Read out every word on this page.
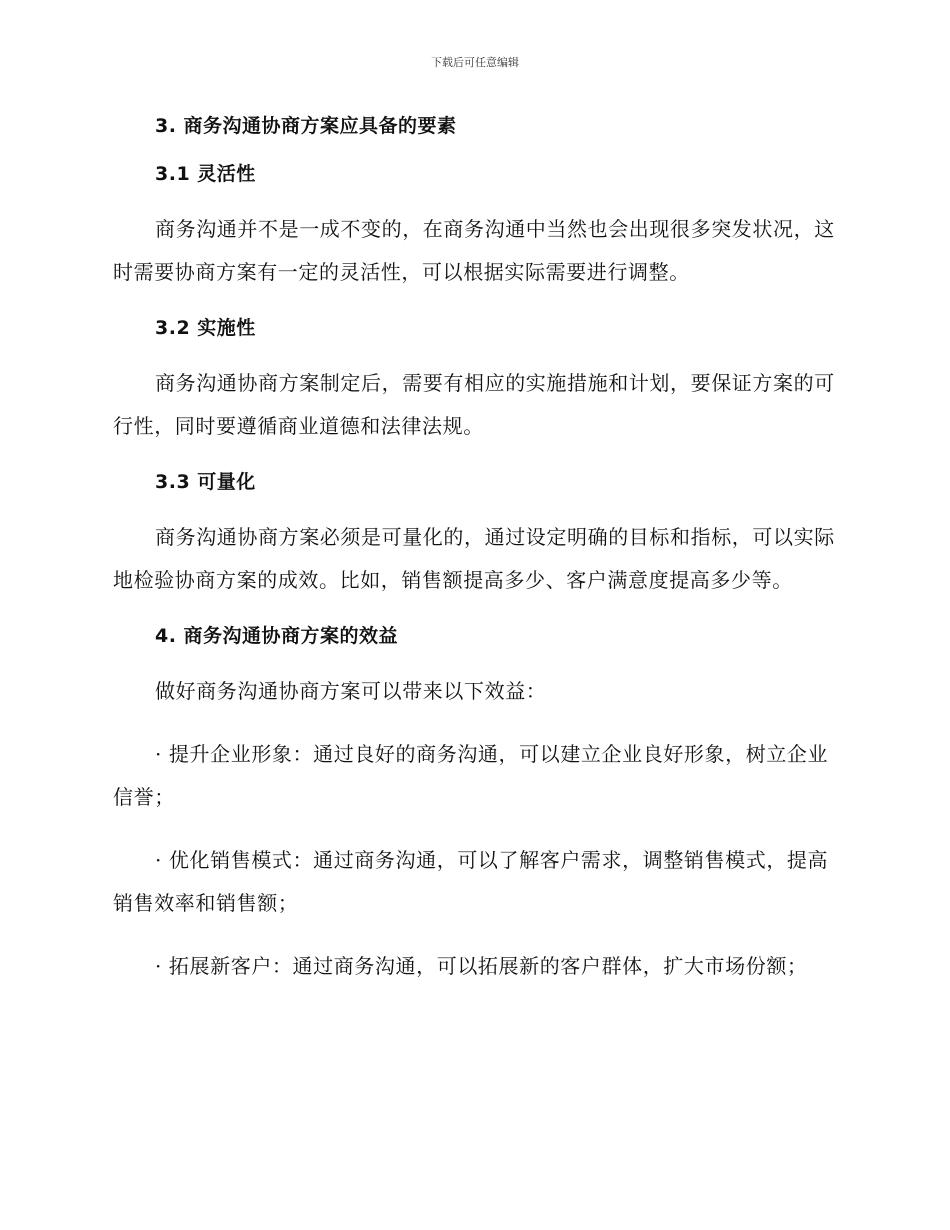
下载后可任意编辑
3. 商务沟通协商方案应具备的要素
3.1 灵活性

商务沟通并不是一成不变的，在商务沟通中当然也会出现很多突发状况，这时需要协商方案有一定的灵活性，可以根据实际需要进行调整。

3.2 实施性

商务沟通协商方案制定后，需要有相应的实施措施和计划，要保证方案的可行性，同时要遵循商业道德和法律法规。

3.3 可量化

商务沟通协商方案必须是可量化的，通过设定明确的目标和指标，可以实际地检验协商方案的成效。比如，销售额提高多少、客户满意度提高多少等。

4. 商务沟通协商方案的效益

做好商务沟通协商方案可以带来以下效益：

· 提升企业形象：通过良好的商务沟通，可以建立企业良好形象，树立企业信誉；

· 优化销售模式：通过商务沟通，可以了解客户需求，调整销售模式，提高销售效率和销售额；

· 拓展新客户：通过商务沟通，可以拓展新的客户群体，扩大市场份额；
